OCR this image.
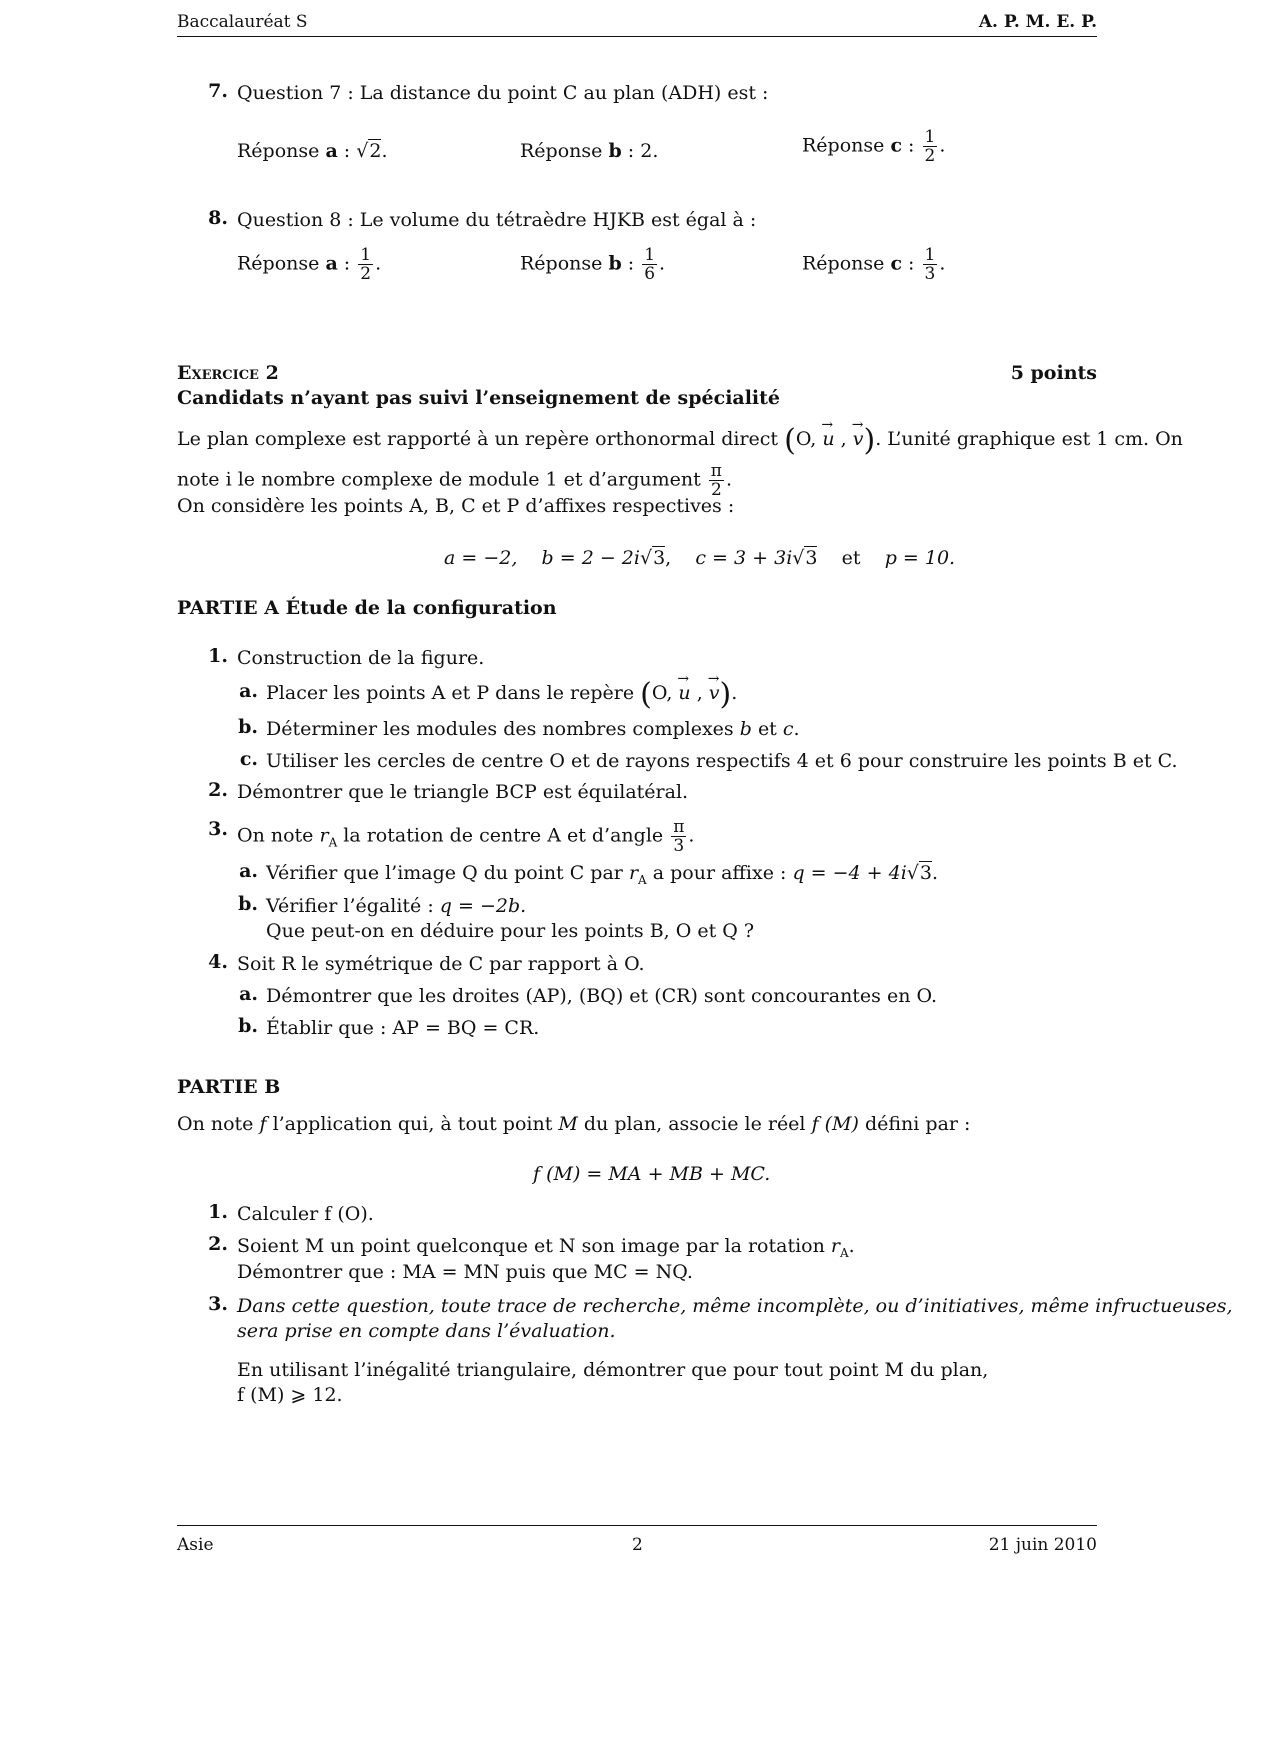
Baccalauréat S	A. P. M. E. P.
7. Question 7 : La distance du point C au plan (ADH) est :
Réponse a : √2.	Réponse b : 2.	Réponse c : $\frac{1}{2}$ .
8. Question 8 : Le volume du tétraèdre HJKB est égal à :
Réponse a : $\frac{1}{2}$ .	Réponse b : $\frac{1}{6}$ .	Réponse c : $\frac{1}{3}$ .
Exercice 2	5 points
Candidats n’ayant pas suivi l’enseignement de spécialité
Le plan complexe est rapporté à un repère orthonormal direct (O, → u , → v). L’unité graphique est 1 cm. On
note i le nombre complexe de module 1 et d’argument $\frac{\pi}{2}$ .
On considère les points A, B, C et P d’affixes respectives :
a = −2, b = 2 − 2i√3,    c = 3 + 3i√3 et p = 10.
PARTIE A Étude de la configuration
1. Construction de la figure.
a. Placer les points A et P dans le repère (O, → u , → v).
b. Déterminer les modules des nombres complexes b et c.
c. Utiliser les cercles de centre O et de rayons respectifs 4 et 6 pour construire les points B et C.
2. Démontrer que le triangle BCP est équilatéral.
3. On note $r_A$ la rotation de centre A et d’angle $\frac{\pi}{3}$ .
a. Vérifier que l’image Q du point C par $r_A$ a pour affixe : q = −4 + 4i√3.
b. Vérifier l’égalité : q = −2b.
Que peut-on en déduire pour les points B, O et Q ?
4. Soit R le symétrique de C par rapport à O.
a. Démontrer que les droites (AP), (BQ) et (CR) sont concourantes en O.
b. Établir que : AP = BQ = CR.
PARTIE B
On note f l’application qui, à tout point M du plan, associe le réel f (M) défini par :
f (M) = MA + MB + MC.
1. Calculer f (O).
2. Soient M un point quelconque et N son image par la rotation $r_A$.
Démontrer que : MA = MN puis que MC = NQ.
3. Dans cette question, toute trace de recherche, même incomplète, ou d’initiatives, même infructueuses,
sera prise en compte dans l’évaluation.
En utilisant l’inégalité triangulaire, démontrer que pour tout point M du plan,
f (M) ⩾ 12.
Asie	2	21 juin 2010
